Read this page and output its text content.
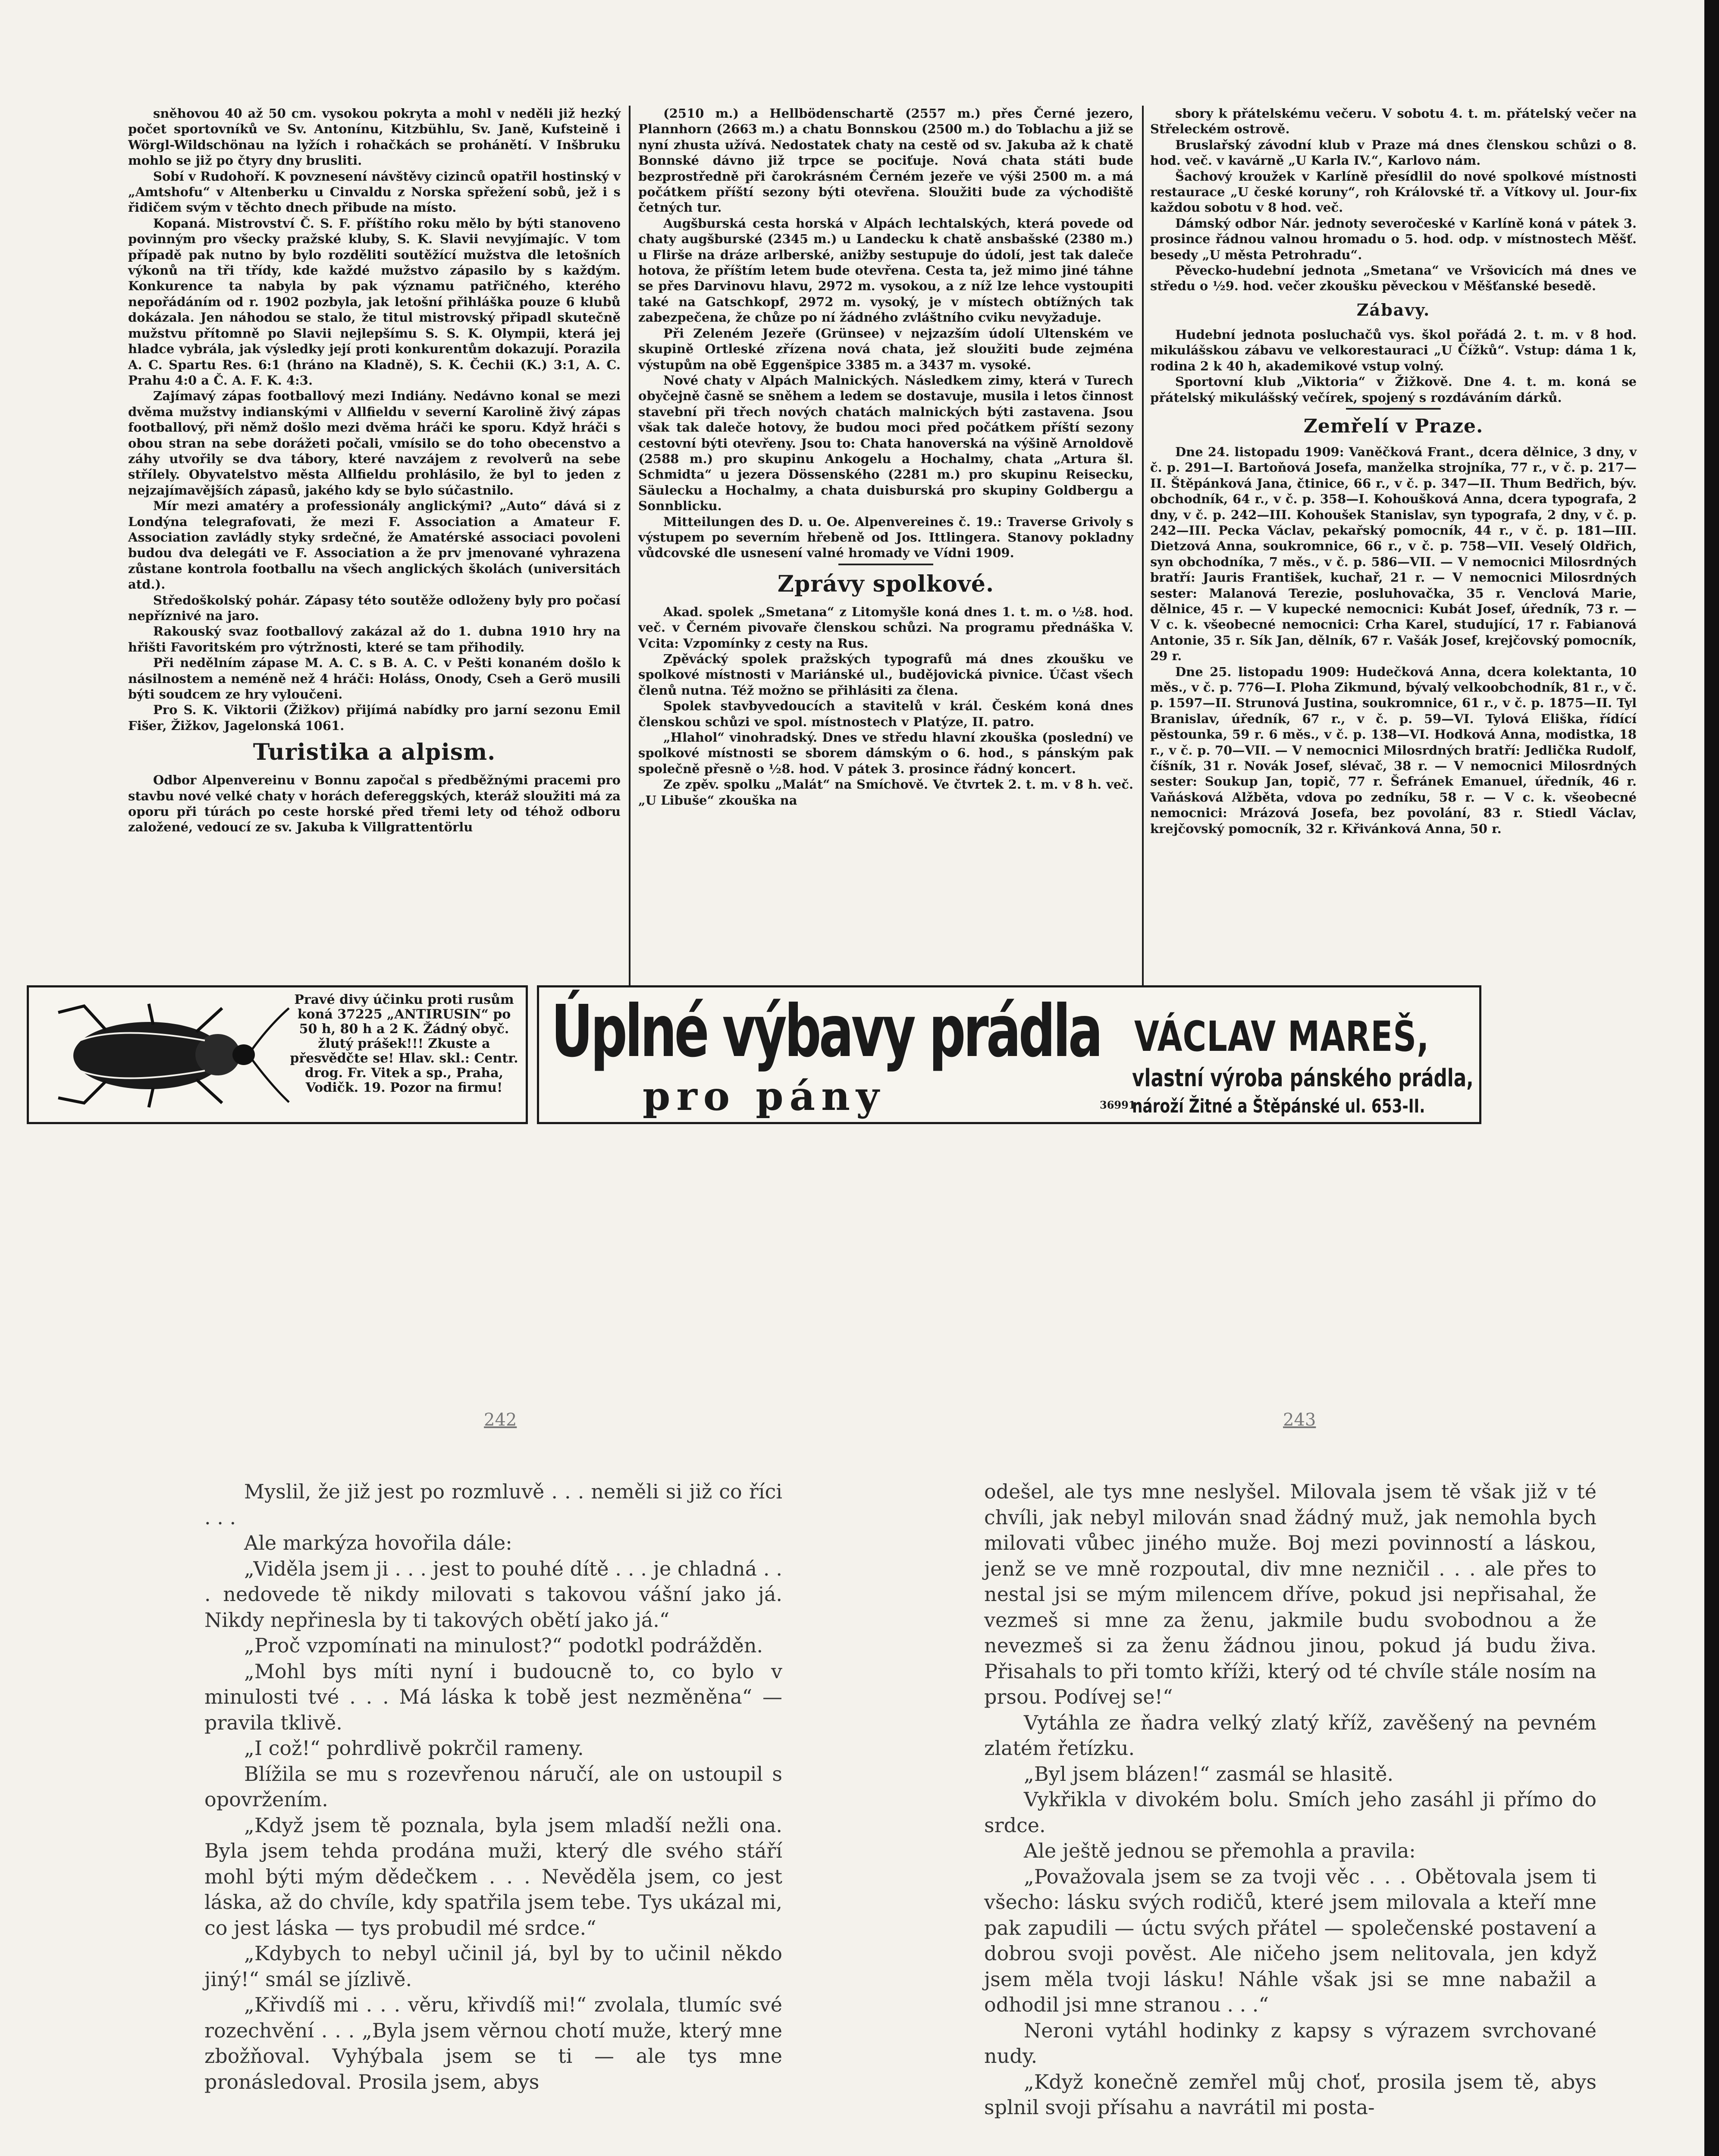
sněhovou 40 až 50 cm. vysokou pokryta a mohl v neděli již hezký počet sportovníků ve Sv. Antonínu, Kitzbühlu, Sv. Janě, Kufsteině i Wörgl-Wildschönau na lyžích i rohačkách se prohánětí. V Inšbruku mohlo se již po čtyry dny brusliti.

Sobí v Rudohoří. K povznesení návštěvy cizinců opatřil hostinský v „Amtshofu“ v Altenberku u Cinvaldu z Norska spřežení sobů, jež i s řidičem svým v těchto dnech přibude na místo.

Kopaná. Mistrovství Č. S. F. příštího roku mělo by býti stanoveno povinným pro všecky pražské kluby, S. K. Slavii nevyjímajíc. V tom případě pak nutno by bylo rozděliti soutěžící mužstva dle letošních výkonů na tři třídy, kde každé mužstvo zápasilo by s každým. Konkurence ta nabyla by pak významu patřičného, kterého nepořádáním od r. 1902 pozbyla, jak letošní přihláška pouze 6 klubů dokázala. Jen náhodou se stalo, že titul mistrovský připadl skutečně mužstvu přítomně po Slavii nejlepšímu S. S. K. Olympii, která jej hladce vybrála, jak výsledky její proti konkurentům dokazují. Porazila A. C. Spartu Res. 6:1 (hráno na Kladně), S. K. Čechii (K.) 3:1, A. C. Prahu 4:0 a Č. A. F. K. 4:3.

Zajímavý zápas footballový mezi Indiány. Nedávno konal se mezi dvěma mužstvy indianskými v Allfieldu v severní Karolině živý zápas footballový, při němž došlo mezi dvěma hráči ke sporu. Když hráči s obou stran na sebe dorážeti počali, vmísilo se do toho obecenstvo a záhy utvořily se dva tábory, které navzájem z revolverů na sebe střílely. Obyvatelstvo města Allfieldu prohlásilo, že byl to jeden z nejzajímavějších zápasů, jakého kdy se bylo súčastnilo.

Mír mezi amatéry a professionály anglickými? „Auto“ dává si z Londýna telegrafovati, že mezi F. Association a Amateur F. Association zavládly styky srdečné, že Amatérské associaci povoleni budou dva delegáti ve F. Association a že prv jmenované vyhrazena zůstane kontrola footballu na všech anglických školách (universitách atd.).

Středoškolský pohár. Zápasy této soutěže odloženy byly pro počasí nepříznivé na jaro.

Rakouský svaz footballový zakázal až do 1. dubna 1910 hry na hřišti Favoritském pro výtržnosti, které se tam přihodily.

Při nedělním zápase M. A. C. s B. A. C. v Pešti konaném došlo k násilnostem a neméně než 4 hráči: Holáss, Onody, Cseh a Gerö musili býti soudcem ze hry vyloučeni.

Pro S. K. Viktorii (Žižkov) přijímá nabídky pro jarní sezonu Emil Fišer, Žižkov, Jagelonská 1061.

Turistika a alpism.

Odbor Alpenvereinu v Bonnu započal s předběžnými pracemi pro stavbu nové velké chaty v horách defereggských, kteráž sloužiti má za oporu při túrách po ceste horské před třemi lety od téhož odboru založené, vedoucí ze sv. Jakuba k Villgrattentörlu

(2510 m.) a Hellbödenschartě (2557 m.) přes Černé jezero, Plannhorn (2663 m.) a chatu Bonnskou (2500 m.) do Toblachu a již se nyní zhusta užívá. Nedostatek chaty na cestě od sv. Jakuba až k chatě Bonnské dávno již trpce se pociťuje. Nová chata státi bude bezprostředně při čarokrásném Černém jezeře ve výši 2500 m. a má počátkem příští sezony býti otevřena. Sloužiti bude za východiště četných tur.

Augšburská cesta horská v Alpách lechtalských, která povede od chaty augšburské (2345 m.) u Landecku k chatě ansbašské (2380 m.) u Flirše na dráze arlberské, anižby sestupuje do údolí, jest tak daleče hotova, že příštím letem bude otevřena. Cesta ta, jež mimo jiné táhne se přes Darvinovu hlavu, 2972 m. vysokou, a z níž lze lehce vystoupiti také na Gatschkopf, 2972 m. vysoký, je v místech obtížných tak zabezpečena, že chůze po ní žádného zvláštního cviku nevyžaduje.

Při Zeleném Jezeře (Grünsee) v nejzazším údolí Ultenském ve skupině Ortleské zřízena nová chata, jež sloužiti bude zejména výstupům na obě Eggenšpice 3385 m. a 3437 m. vysoké.

Nové chaty v Alpách Malnických. Následkem zimy, která v Turech obyčejně časně se sněhem a ledem se dostavuje, musila i letos činnost stavební při třech nových chatách malnických býti zastavena. Jsou však tak daleče hotovy, že budou moci před počátkem příští sezony cestovní býti otevřeny. Jsou to: Chata hanoverská na výšině Arnoldově (2588 m.) pro skupinu Ankogelu a Hochalmy, chata „Artura šl. Schmidta“ u jezera Dössenského (2281 m.) pro skupinu Reisecku, Säulecku a Hochalmy, a chata duisburská pro skupiny Goldbergu a Sonnblicku.

Mitteilungen des D. u. Oe. Alpenvereines č. 19.: Traverse Grivoly s výstupem po severním hřebeně od Jos. Ittlingera. Stanovy pokladny vůdcovské dle usnesení valné hromady ve Vídni 1909.

Zprávy spolkové.

Akad. spolek „Smetana“ z Litomyšle koná dnes 1. t. m. o ½8. hod. več. v Černém pivovaře členskou schůzi. Na programu přednáška V. Vcita: Vzpomínky z cesty na Rus.

Zpěvácký spolek pražských typografů má dnes zkoušku ve spolkové místnosti v Mariánské ul., budějovická pivnice. Účast všech členů nutna. Též možno se přihlásiti za člena.

Spolek stavbyvedoucích a stavitelů v král. Českém koná dnes členskou schůzi ve spol. místnostech v Platýze, II. patro.

„Hlahol“ vinohradský. Dnes ve středu hlavní zkouška (poslední) ve spolkové místnosti se sborem dámským o 6. hod., s pánským pak společně přesně o ½8. hod. V pátek 3. prosince řádný koncert.

Ze zpěv. spolku „Malát“ na Smíchově. Ve čtvrtek 2. t. m. v 8 h. več. „U Libuše“ zkouška na

sbory k přátelskému večeru. V sobotu 4. t. m. přátelský večer na Střeleckém ostrově.

Bruslařský závodní klub v Praze má dnes členskou schůzi o 8. hod. več. v kavárně „U Karla IV.“, Karlovo nám.

Šachový kroužek v Karlíně přesídlil do nové spolkové místnosti restaurace „U české koruny“, roh Královské tř. a Vítkovy ul. Jour-fix každou sobotu v 8 hod. več.

Dámský odbor Nár. jednoty severočeské v Karlíně koná v pátek 3. prosince řádnou valnou hromadu o 5. hod. odp. v místnostech Měšť. besedy „U města Petrohradu“.

Pěvecko-hudební jednota „Smetana“ ve Vršovicích má dnes ve středu o ½9. hod. večer zkoušku pěveckou v Měšťanské besedě.

Zábavy.

Hudební jednota posluchačů vys. škol pořádá 2. t. m. v 8 hod. mikulášskou zábavu ve velkorestauraci „U Čížků“. Vstup: dáma 1 k, rodina 2 k 40 h, akademikové vstup volný.

Sportovní klub „Viktoria“ v Žižkově. Dne 4. t. m. koná se přátelský mikulášský večírek, spojený s rozdáváním dárků.

Zemřelí v Praze.

Dne 24. listopadu 1909: Vaněčková Frant., dcera dělnice, 3 dny, v č. p. 291—I. Bartoňová Josefa, manželka strojníka, 77 r., v č. p. 217—II. Štěpánková Jana, čtinice, 66 r., v č. p. 347—II. Thum Bedřich, býv. obchodník, 64 r., v č. p. 358—I. Kohoušková Anna, dcera typografa, 2 dny, v č. p. 242—III. Kohoušek Stanislav, syn typografa, 2 dny, v č. p. 242—III. Pecka Václav, pekařský pomocník, 44 r., v č. p. 181—III. Dietzová Anna, soukromnice, 66 r., v č. p. 758—VII. Veselý Oldřich, syn obchodníka, 7 měs., v č. p. 586—VII. — V nemocnici Milosrdných bratří: Jauris František, kuchař, 21 r. — V nemocnici Milosrdných sester: Malanová Terezie, posluhovačka, 35 r. Venclová Marie, dělnice, 45 r. — V kupecké nemocnici: Kubát Josef, úředník, 73 r. — V c. k. všeobecné nemocnici: Crha Karel, studující, 17 r. Fabianová Antonie, 35 r. Sík Jan, dělník, 67 r. Vašák Josef, krejčovský pomocník, 29 r.

Dne 25. listopadu 1909: Hudečková Anna, dcera kolektanta, 10 měs., v č. p. 776—I. Ploha Zikmund, bývalý velkoobchodník, 81 r., v č. p. 1597—II. Strunová Justina, soukromnice, 61 r., v č. p. 1875—II. Tyl Branislav, úředník, 67 r., v č. p. 59—VI. Tylová Eliška, řídící pěstounka, 59 r. 6 měs., v č. p. 138—VI. Hodková Anna, modistka, 18 r., v č. p. 70—VII. — V nemocnici Milosrdných bratří: Jedlička Rudolf, číšník, 31 r. Novák Josef, slévač, 38 r. — V nemocnici Milosrdných sester: Soukup Jan, topič, 77 r. Šefránek Emanuel, úředník, 46 r. Vaňásková Alžběta, vdova po zedníku, 58 r. — V c. k. všeobecné nemocnici: Mrázová Josefa, bez povolání, 83 r. Stiedl Václav, krejčovský pomocník, 32 r. Křivánková Anna, 50 r.

Pravé divy účinku proti rusům koná 37225 „ANTIRUSIN“ po 50 h, 80 h a 2 K. Žádný obyč. žlutý prášek!!! Zkuste a přesvědčte se! Hlav. skl.: Centr. drog. Fr. Vitek a sp., Praha, Vodičk. 19. Pozor na firmu!
Úplné výbavy prádla
pro pány	36991
VÁCLAV MAREŠ,
vlastní výroba pánského prádla,
nároží Žitné a Štěpánské ul. 653-II.
242	243

Myslil, že již jest po rozmluvě . . . neměli si již co říci . . .

Ale markýza hovořila dále:

„Viděla jsem ji . . . jest to pouhé dítě . . . je chladná . . . nedovede tě nikdy milovati s takovou vášní jako já. Nikdy nepřinesla by ti takových obětí jako já.“

„Proč vzpomínati na minulost?“ podotkl podrážděn.

„Mohl bys míti nyní i budoucně to, co bylo v minulosti tvé . . . Má láska k tobě jest nezměněna“ — pravila tklivě.

„I což!“ pohrdlivě pokrčil rameny.

Blížila se mu s rozevřenou náručí, ale on ustoupil s opovržením.

„Když jsem tě poznala, byla jsem mladší nežli ona. Byla jsem tehda prodána muži, který dle svého stáří mohl býti mým dědečkem . . . Nevěděla jsem, co jest láska, až do chvíle, kdy spatřila jsem tebe. Tys ukázal mi, co jest láska — tys probudil mé srdce.“

„Kdybych to nebyl učinil já, byl by to učinil někdo jiný!“ smál se jízlivě.

„Křivdíš mi . . . věru, křivdíš mi!“ zvolala, tlumíc své rozechvění . . . „Byla jsem věrnou chotí muže, který mne zbožňoval. Vyhýbala jsem se ti — ale tys mne pronásledoval. Prosila jsem, abys

odešel, ale tys mne neslyšel. Milovala jsem tě však již v té chvíli, jak nebyl milován snad žádný muž, jak nemohla bych milovati vůbec jiného muže. Boj mezi povinností a láskou, jenž se ve mně rozpoutal, div mne nezničil . . . ale přes to nestal jsi se mým milencem dříve, pokud jsi nepřisahal, že vezmeš si mne za ženu, jakmile budu svobodnou a že nevezmeš si za ženu žádnou jinou, pokud já budu živa. Přisahals to při tomto kříži, který od té chvíle stále nosím na prsou. Podívej se!“

Vytáhla ze ňadra velký zlatý kříž, zavěšený na pevném zlatém řetízku.

„Byl jsem blázen!“ zasmál se hlasitě.

Vykřikla v divokém bolu. Smích jeho zasáhl ji přímo do srdce.

Ale ještě jednou se přemohla a pravila:

„Považovala jsem se za tvoji věc . . . Obětovala jsem ti všecho: lásku svých rodičů, které jsem milovala a kteří mne pak zapudili — úctu svých přátel — společenské postavení a dobrou svoji pověst. Ale ničeho jsem nelitovala, jen když jsem měla tvoji lásku! Náhle však jsi se mne nabažil a odhodil jsi mne stranou . . .“

Neroni vytáhl hodinky z kapsy s výrazem svrchované nudy.

„Když konečně zemřel můj choť, prosila jsem tě, abys splnil svoji přísahu a navrátil mi posta-
